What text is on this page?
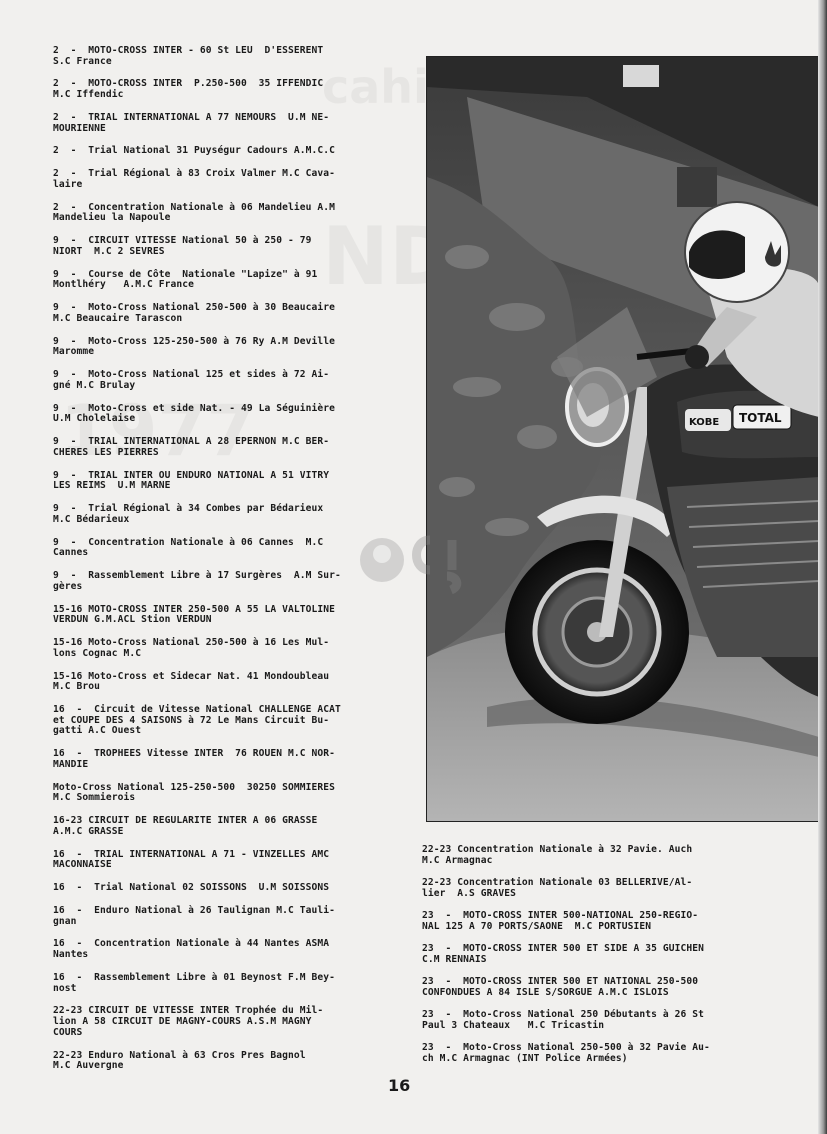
2  -  MOTO-CROSS INTER - 60 St LEU  D'ESSERENT
S.C France
2  -  MOTO-CROSS INTER  P.250-500  35 IFFENDIC
M.C Iffendic
2  -  TRIAL INTERNATIONAL A 77 NEMOURS  U.M NE-
MOURIENNE
2  -  Trial National 31 Puységur Cadours A.M.C.C
2  -  Trial Régional à 83 Croix Valmer M.C Cava-
laire
2  -  Concentration Nationale à 06 Mandelieu A.M
Mandelieu la Napoule
9  -  CIRCUIT VITESSE National 50 à 250 - 79
NIORT  M.C 2 SEVRES
9  -  Course de Côte  Nationale "Lapize" à 91
Montlhéry   A.M.C France
9  -  Moto-Cross National 250-500 à 30 Beaucaire
M.C Beaucaire Tarascon
9  -  Moto-Cross 125-250-500 à 76 Ry A.M Deville
Maromme
9  -  Moto-Cross National 125 et sides à 72 Ai-
gné M.C Brulay
9  -  Moto-Cross et side Nat. - 49 La Séguinière
U.M Cholelaise
9  -  TRIAL INTERNATIONAL A 28 EPERNON M.C BER-
CHERES LES PIERRES
9  -  TRIAL INTER OU ENDURO NATIONAL A 51 VITRY
LES REIMS  U.M MARNE
9  -  Trial Régional à 34 Combes par Bédarieux
M.C Bédarieux
9  -  Concentration Nationale à 06 Cannes  M.C
Cannes
9  -  Rassemblement Libre à 17 Surgères  A.M Sur-
gères
15-16 MOTO-CROSS INTER 250-500 A 55 LA VALTOLINE
VERDUN G.M.ACL Stion VERDUN
15-16 Moto-Cross National 250-500 à 16 Les Mul-
lons Cognac M.C
15-16 Moto-Cross et Sidecar Nat. 41 Mondoubleau
M.C Brou
16  -  Circuit de Vitesse National CHALLENGE ACAT
et COUPE DES 4 SAISONS à 72 Le Mans Circuit Bu-
gatti A.C Ouest
16  -  TROPHEES Vitesse INTER  76 ROUEN M.C NOR-
MANDIE
Moto-Cross National 125-250-500  30250 SOMMIERES
M.C Sommierois
16-23 CIRCUIT DE REGULARITE INTER A 06 GRASSE
A.M.C GRASSE
16  -  TRIAL INTERNATIONAL A 71 - VINZELLES AMC
MACONNAISE
16  -  Trial National 02 SOISSONS  U.M SOISSONS
16  -  Enduro National à 26 Taulignan M.C Tauli-
gnan
16  -  Concentration Nationale à 44 Nantes ASMA
Nantes
16  -  Rassemblement Libre à 01 Beynost F.M Bey-
nost
22-23 CIRCUIT DE VITESSE INTER Trophée du Mil-
lion A 58 CIRCUIT DE MAGNY-COURS A.S.M MAGNY
COURS
22-23 Enduro National à 63 Cros Pres Bagnol
M.C Auvergne
KOBE TOTAL
22-23 Concentration Nationale à 32 Pavie. Auch
M.C Armagnac
22-23 Concentration Nationale 03 BELLERIVE/Al-
lier  A.S GRAVES
23  -  MOTO-CROSS INTER 500-NATIONAL 250-REGIO-
NAL 125 A 70 PORTS/SAONE  M.C PORTUSIEN
23  -  MOTO-CROSS INTER 500 ET SIDE A 35 GUICHEN
C.M RENNAIS
23  -  MOTO-CROSS INTER 500 ET NATIONAL 250-500
CONFONDUES A 84 ISLE S/SORGUE A.M.C ISLOIS
23  -  Moto-Cross National 250 Débutants à 26 St
Paul 3 Chateaux   M.C Tricastin
23  -  Moto-Cross National 250-500 à 32 Pavie Au-
ch M.C Armagnac (INT Police Armées)
16
